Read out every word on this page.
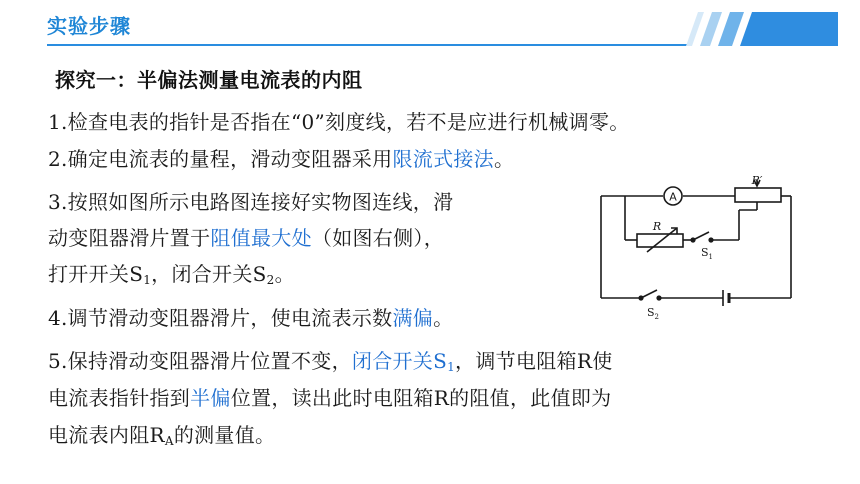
实验步骤
探究一：半偏法测量电流表的内阻
1.检查电表的指针是否指在“0”刻度线，若不是应进行机械调零。
2.确定电流表的量程，滑动变阻器采用限流式接法。
3.按照如图所示电路图连接好实物图连线，滑
动变阻器滑片置于阻值最大处（如图右侧），
打开开关$S_1$，闭合开关$S_2$。
4.调节滑动变阻器滑片，使电流表示数满偏。
5.保持滑动变阻器滑片位置不变，闭合开关$S_1$，调节电阻箱R使
电流表指针指到半偏位置，读出此时电阻箱R的阻值，此值即为
电流表内阻$R_A$的测量值。
A
R′
R
$S_1$
$S_2$
